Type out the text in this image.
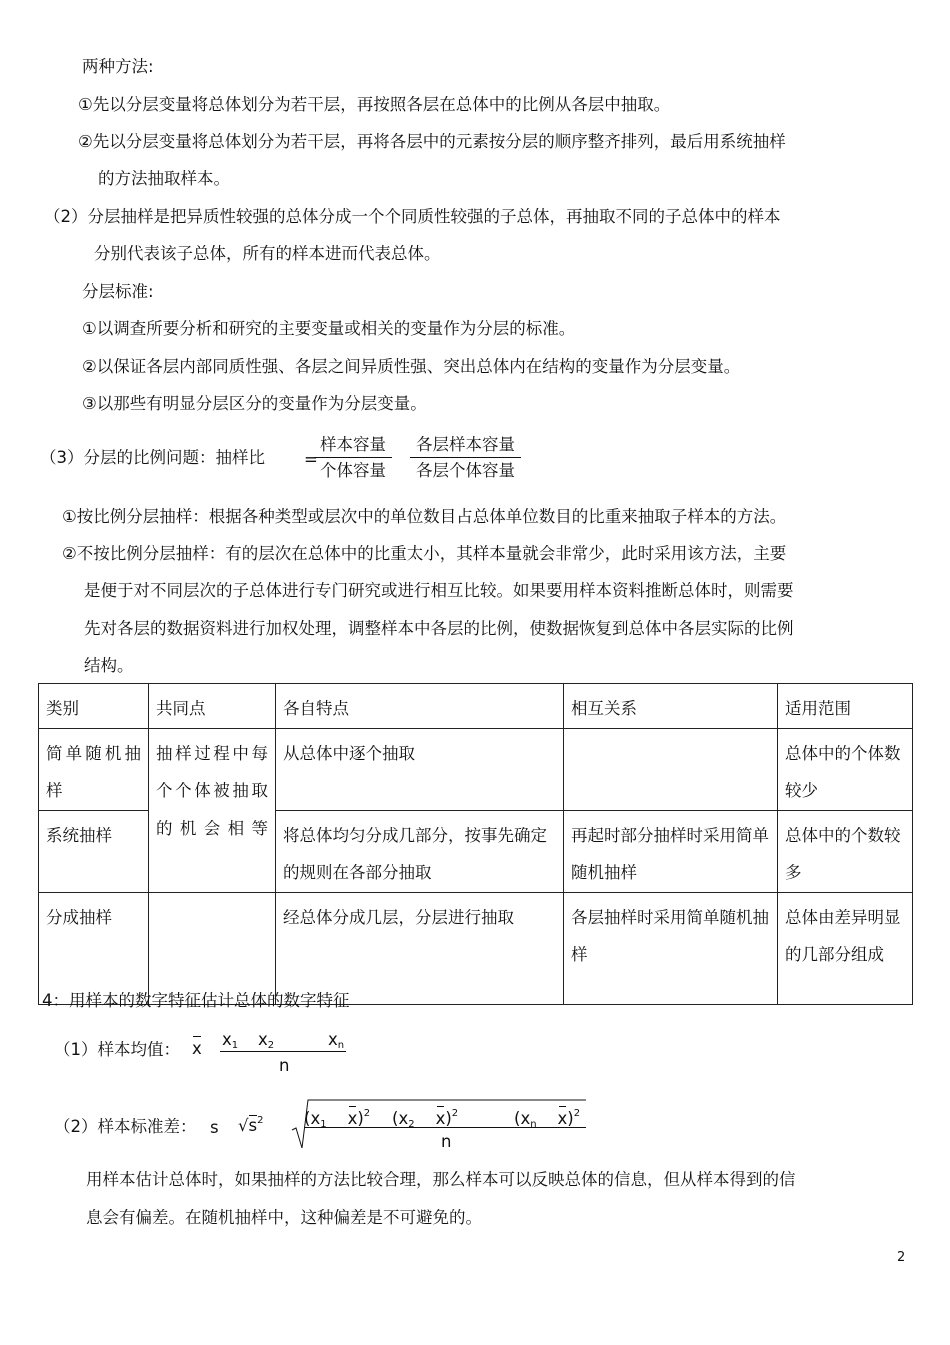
两种方法:
①先以分层变量将总体划分为若干层，再按照各层在总体中的比例从各层中抽取。
②先以分层变量将总体划分为若干层，再将各层中的元素按分层的顺序整齐排列，最后用系统抽样
的方法抽取样本。
（2）分层抽样是把异质性较强的总体分成一个个同质性较强的子总体，再抽取不同的子总体中的样本
分别代表该子总体，所有的样本进而代表总体。
分层标准:
①以调查所要分析和研究的主要变量或相关的变量作为分层的标准。
②以保证各层内部同质性强、各层之间异质性强、突出总体内在结构的变量作为分层变量。
③以那些有明显分层区分的变量作为分层变量。
（3）分层的比例问题：抽样比 =
样本容量
个体容量
各层样本容量
各层个体容量
①按比例分层抽样：根据各种类型或层次中的单位数目占总体单位数目的比重来抽取子样本的方法。
②不按比例分层抽样：有的层次在总体中的比重太小，其样本量就会非常少，此时采用该方法，主要
是便于对不同层次的子总体进行专门研究或进行相互比较。如果要用样本资料推断总体时，则需要
先对各层的数据资料进行加权处理，调整样本中各层的比例，使数据恢复到总体中各层实际的比例
结构。
类别	共同点	各自特点	相互关系	适用范围
简单随机抽样	抽样过程中每个个体被抽取的机会相等	从总体中逐个抽取		总体中的个体数较少
系统抽样		将总体均匀分成几部分，按事先确定的规则在各部分抽取	再起时部分抽样时采用简单随机抽样	总体中的个数较多
分成抽样		经总体分成几层，分层进行抽取	各层抽样时采用简单随机抽样	总体由差异明显的几部分组成
4：用样本的数字特征估计总体的数字特征
（1）样本均值： x $x_1$ $x_2$	$x_n$
n
（2）样本标准差： s $√s^2$ ($x_1$ x)$^2$ ($x_2$ x)$^2$	($x_n$ x)$^2$
n
用样本估计总体时，如果抽样的方法比较合理，那么样本可以反映总体的信息，但从样本得到的信
息会有偏差。在随机抽样中，这种偏差是不可避免的。
2
